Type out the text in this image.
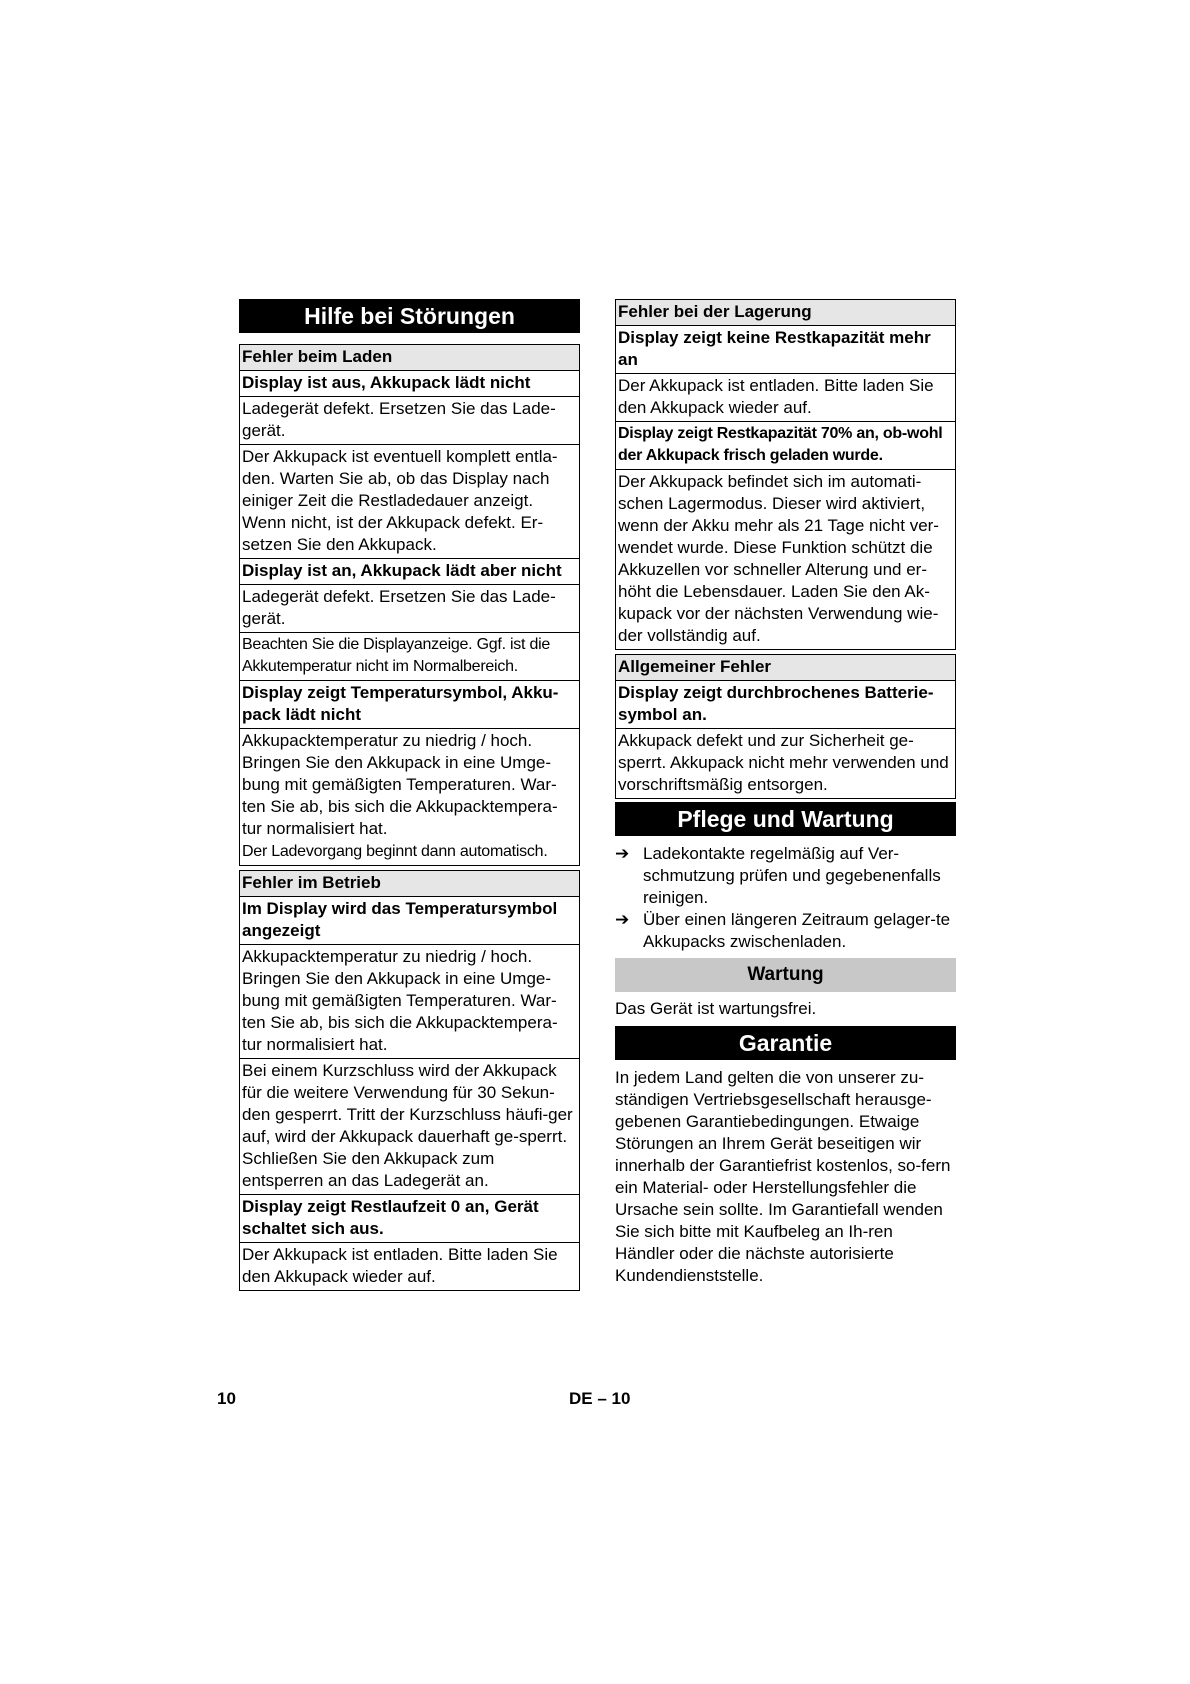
Hilfe bei Störungen
Fehler beim Laden
Display ist aus, Akkupack lädt nicht
Ladegerät defekt. Ersetzen Sie das Lade-gerät.
Der Akkupack ist eventuell komplett entla-den. Warten Sie ab, ob das Display nach einiger Zeit die Restladedauer anzeigt. Wenn nicht, ist der Akkupack defekt. Er-setzen Sie den Akkupack.
Display ist an, Akkupack lädt aber nicht
Ladegerät defekt. Ersetzen Sie das Lade-gerät.
Beachten Sie die Displayanzeige. Ggf. ist die Akkutemperatur nicht im Normalbereich.
Display zeigt Temperatursymbol, Akku-pack lädt nicht
Akkupacktemperatur zu niedrig / hoch. Bringen Sie den Akkupack in eine Umge-bung mit gemäßigten Temperaturen. War-ten Sie ab, bis sich die Akkupacktempera-tur normalisiert hat.
Der Ladevorgang beginnt dann automatisch.
Fehler im Betrieb
Im Display wird das Temperatursymbol angezeigt
Akkupacktemperatur zu niedrig / hoch. Bringen Sie den Akkupack in eine Umge-bung mit gemäßigten Temperaturen. War-ten Sie ab, bis sich die Akkupacktempera-tur normalisiert hat.
Bei einem Kurzschluss wird der Akkupack für die weitere Verwendung für 30 Sekun-den gesperrt. Tritt der Kurzschluss häufi-ger auf, wird der Akkupack dauerhaft ge-sperrt. Schließen Sie den Akkupack zum entsperren an das Ladegerät an.
Display zeigt Restlaufzeit 0 an, Gerät schaltet sich aus.
Der Akkupack ist entladen. Bitte laden Sie den Akkupack wieder auf.
Fehler bei der Lagerung
Display zeigt keine Restkapazität mehr an
Der Akkupack ist entladen. Bitte laden Sie den Akkupack wieder auf.
Display zeigt Restkapazität 70% an, ob-wohl der Akkupack frisch geladen wurde.
Der Akkupack befindet sich im automati-schen Lagermodus. Dieser wird aktiviert, wenn der Akku mehr als 21 Tage nicht ver-wendet wurde. Diese Funktion schützt die Akkuzellen vor schneller Alterung und er-höht die Lebensdauer. Laden Sie den Ak-kupack vor der nächsten Verwendung wie-der vollständig auf.
Allgemeiner Fehler
Display zeigt durchbrochenes Batterie-symbol an.
Akkupack defekt und zur Sicherheit ge-sperrt. Akkupack nicht mehr verwenden und vorschriftsmäßig entsorgen.
Pflege und Wartung
➔ Ladekontakte regelmäßig auf Ver-schmutzung prüfen und gegebenenfalls reinigen.
➔ Über einen längeren Zeitraum gelager-te Akkupacks zwischenladen.
Wartung
Das Gerät ist wartungsfrei.
Garantie
In jedem Land gelten die von unserer zu-ständigen Vertriebsgesellschaft herausge-gebenen Garantiebedingungen. Etwaige Störungen an Ihrem Gerät beseitigen wir innerhalb der Garantiefrist kostenlos, so-fern ein Material- oder Herstellungsfehler die Ursache sein sollte. Im Garantiefall wenden Sie sich bitte mit Kaufbeleg an Ih-ren Händler oder die nächste autorisierte Kundendienststelle.
10	DE – 10
